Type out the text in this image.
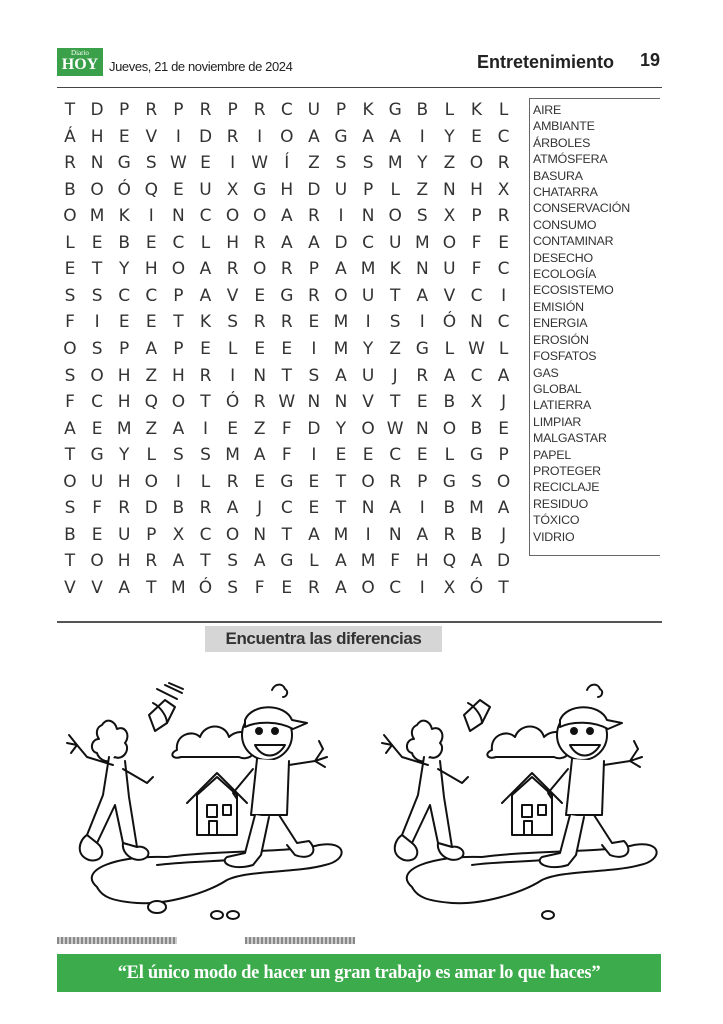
Diario
HOY Jueves, 21 de noviembre de 2024	Entretenimiento 19
T D P R P R P R C U P K G B L K L
Á H E V	I	D R	I	O A G A A	I	Y E C
R N G S W E	I W Í	Z S S M Y Z O R
B O Ó Q E U X G H D U P	L Z N H X
O M K	I	N C O O A R	I	N O S X P R
L E B E C L H R A A D C U M O F E
E T Y H O A R O R P A M K N U F C
S S C C P A V E G R O U T A V C	I
F	I	E E T K S R R E M	I	S	I	Ó N C
O S P A P E L E E	I	M Y Z G L W L
S O H Z H R	I	N T S A U	J	R A C A
F C H Q O T Ó R W N N V T E B X	J
A E M Z A	I	E Z F D Y O W N O B E
T G Y	L S S M A F	I	E E C E L G P
O U H O	I	L R E G E T O R P G S O
S F R D B R A	J	C E T N A	I	B M A
B E U P X C O N T A M	I	N A R B	J
T O H R A T S A G L A M F H Q A D
V V A T M Ó S F E R A O C	I	X Ó T
AIRE
AMBIANTE
ÁRBOLES
ATMÓSFERA
BASURA
CHATARRA
CONSERVACIÓN
CONSUMO
CONTAMINAR
DESECHO
ECOLOGÍA
ECOSISTEMO
EMISIÓN
ENERGIA
EROSIÓN
FOSFATOS
GAS
GLOBAL
LATIERRA
LIMPIAR
MALGASTAR
PAPEL
PROTEGER
RECICLAJE
RESIDUO
TÓXICO
VIDRIO
Encuentra las diferencias
“El único modo de hacer un gran trabajo es amar lo que haces”
